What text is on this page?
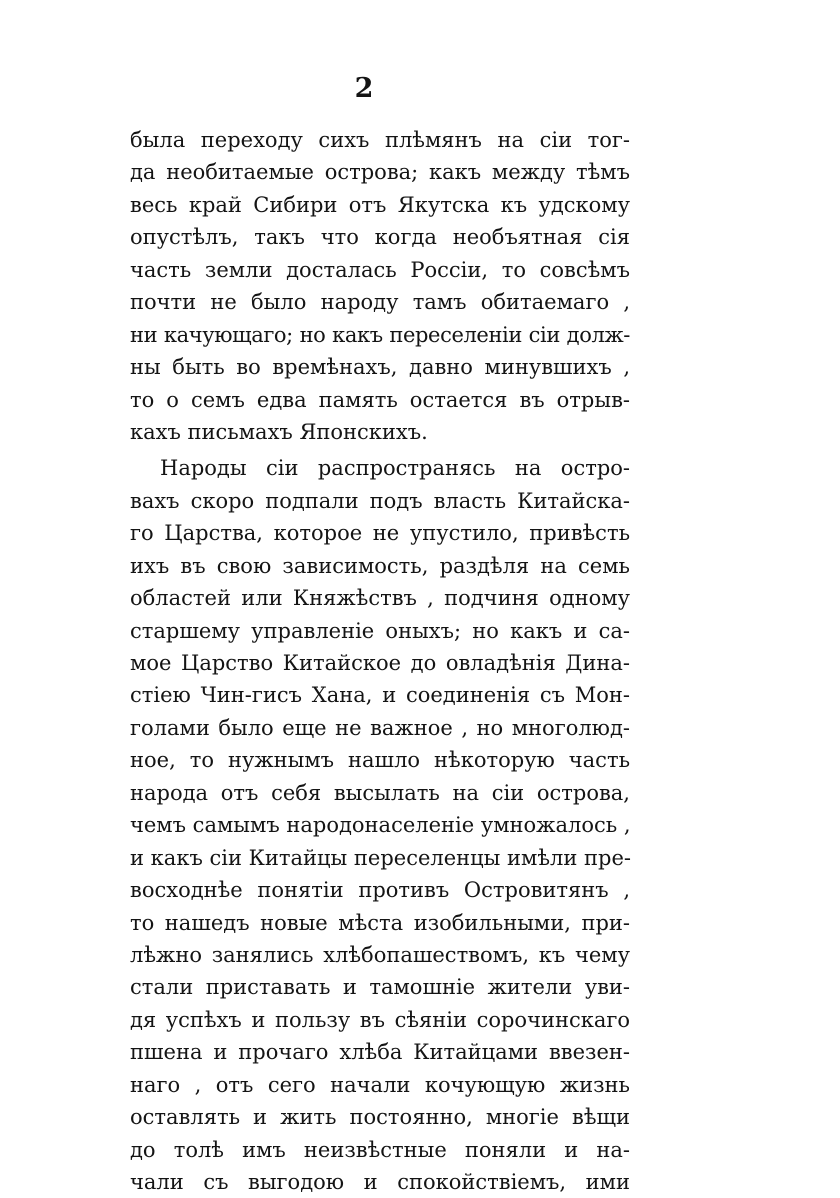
2
была переходу сихъ плѣмянъ на сіи тог-
да необитаемые острова; какъ между тѣмъ
весь край Сибири отъ Якутска къ удскому
опустѣлъ, такъ что когда необъятная сія
часть земли досталась Россіи, то совсѣмъ
почти не было народу тамъ обитаемаго ,
ни качующаго; но какъ переселеніи сіи долж-
ны быть во времѣнахъ, давно минувшихъ ,
то о семъ едва память остается въ отрыв-
кахъ письмахъ Японскихъ.
Народы сіи распространясь на остро-
вахъ скоро подпали подъ власть Китайска-
го Царства, которое не упустило, привѣсть
ихъ въ свою зависимость, раздѣля на семь
областей или Княжѣствъ , подчиня одному
старшему управленіе оныхъ; но какъ и са-
мое Царство Китайское до овладѣнія Дина-
стіею Чин-гисъ Хана, и соединенія съ Мон-
голами было еще не важное , но многолюд-
ное, то нужнымъ нашло нѣкоторую часть
народа отъ себя высылать на сіи острова,
чемъ самымъ народонаселеніе умножалось ,
и какъ сіи Китайцы переселенцы имѣли пре-
восходнѣе понятіи противъ Островитянъ ,
то нашедъ новые мѣста изобильными, при-
лѣжно занялись хлѣбопашествомъ, къ чему
стали приставать и тамошніе жители уви-
дя успѣхъ и пользу въ сѣяніи сорочинскаго
пшена и прочаго хлѣба Китайцами ввезен-
наго , отъ сего начали кочующую жизнь
оставлять и жить постоянно, многіе вѣщи
до толѣ имъ неизвѣстные поняли и на-
чали съ выгодою и спокойствіемъ, ими
